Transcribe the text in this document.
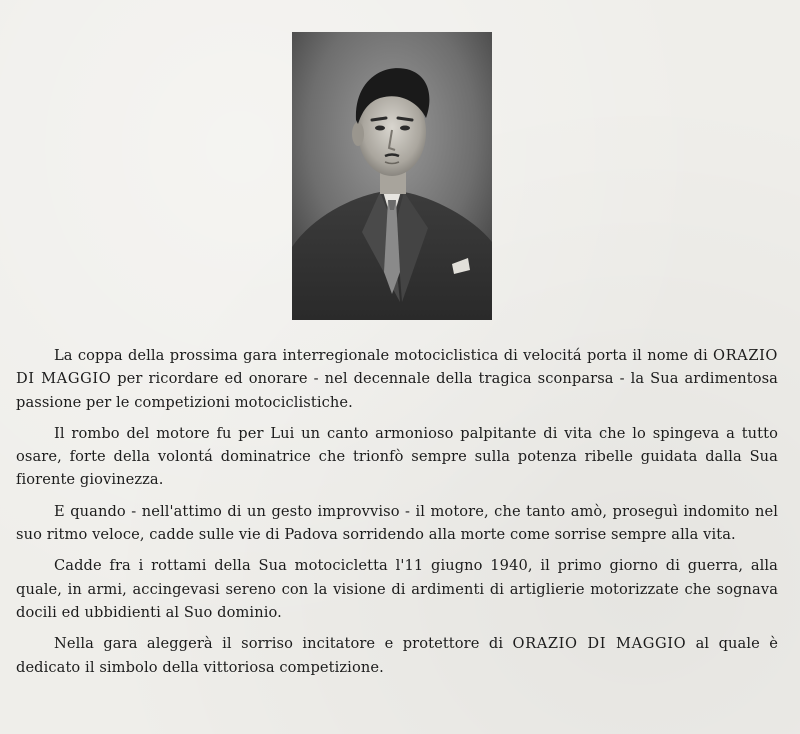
La coppa della prossima gara interregionale motociclistica di velocitá porta il nome di ORAZIO DI MAGGIO per ricordare ed onorare - nel decennale della tragica sconparsa - la Sua ardimentosa passione per le competizioni motociclistiche.

Il rombo del motore fu per Lui un canto armonioso palpitante di vita che lo spingeva a tutto osare, forte della volontá dominatrice che trionfò sempre sulla potenza ribelle guidata dalla Sua fiorente giovinezza.

E quando - nell'attimo di un gesto improvviso - il motore, che tanto amò, proseguì indomito nel suo ritmo veloce, cadde sulle vie di Padova sorridendo alla morte come sorrise sempre alla vita.

Cadde fra i rottami della Sua motocicletta l'11 giugno 1940, il primo giorno di guerra, alla quale, in armi, accingevasi sereno con la visione di ardimenti di artiglierie motorizzate che sognava docili ed ubbidienti al Suo dominio.

Nella gara aleggerà il sorriso incitatore e protettore di ORAZIO DI MAGGIO al quale è dedicato il simbolo della vittoriosa competizione.
